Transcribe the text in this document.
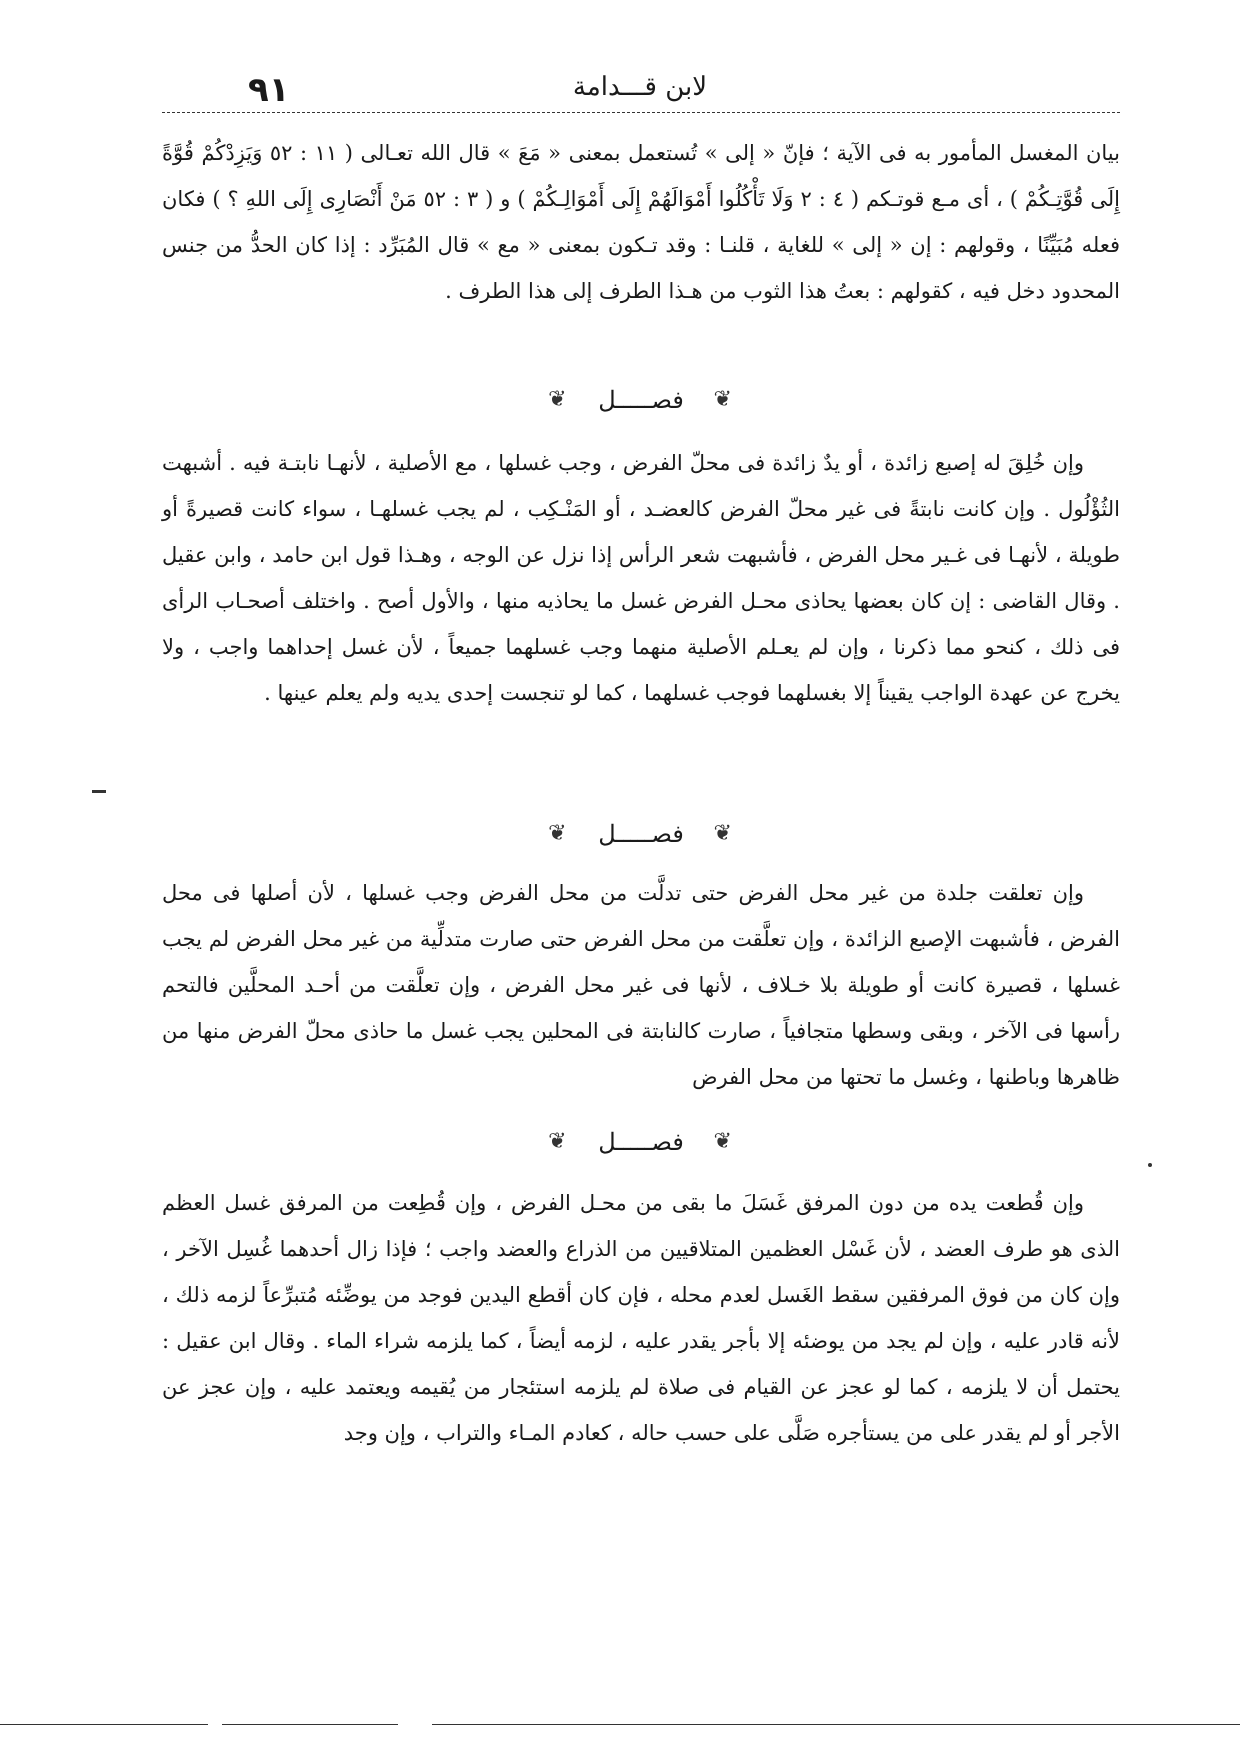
٩١	لابن قـــدامة

بيان المغسل المأمور به فى الآية ؛ فإنّ « إلى » تُستعمل بمعنى « مَعَ » قال الله تعـالى ( ١١ : ٥٢ وَيَزِدْكُمْ قُوَّةً إِلَى قُوَّتِـكُمْ ) ، أى مـع قوتـكم ( ٤ : ٢ وَلَا تَأْكُلُوا أَمْوَالَهُمْ إِلَى أَمْوَالِـكُمْ ) و ( ٣ : ٥٢ مَنْ أَنْصَارِى إِلَى اللهِ ؟ ) فكان فعله مُبَيِّنًا ، وقولهم : إن « إلى » للغاية ، قلنـا : وقد تـكون بمعنى « مع » قال المُبَرِّد : إذا كان الحدُّ من جنس المحدود دخل فيه ، كقولهم : بعتُ هذا الثوب من هـذا الطرف إلى هذا الطرف .

❦ فصـــــل ❦

وإن خُلِقَ له إصبع زائدة ، أو يدٌ زائدة فى محلّ الفرض ، وجب غسلها ، مع الأصلية ، لأنهـا نابتـة فيه . أشبهت الثُؤْلُول . وإن كانت نابتةً فى غير محلّ الفرض كالعضـد ، أو المَنْـكِب ، لم يجب غسلهـا ، سواء كانت قصيرةً أو طويلة ، لأنهـا فى غـير محل الفرض ، فأشبهت شعر الرأس إذا نزل عن الوجه ، وهـذا قول ابن حامد ، وابن عقيل . وقال القاضى : إن كان بعضها يحاذى محـل الفرض غسل ما يحاذيه منها ، والأول أصح . واختلف أصحـاب الرأى فى ذلك ، كنحو مما ذكرنا ، وإن لم يعـلم الأصلية منهما وجب غسلهما جميعاً ، لأن غسل إحداهما واجب ، ولا يخرج عن عهدة الواجب يقيناً إلا بغسلهما فوجب غسلهما ، كما لو تنجست إحدى يديه ولم يعلم عينها .

❦ فصـــــل ❦

وإن تعلقت جلدة من غير محل الفرض حتى تدلَّت من محل الفرض وجب غسلها ، لأن أصلها فى محل الفرض ، فأشبهت الإصبع الزائدة ، وإن تعلَّقت من محل الفرض حتى صارت متدلِّية من غير محل الفرض لم يجب غسلها ، قصيرة كانت أو طويلة بلا خـلاف ، لأنها فى غير محل الفرض ، وإن تعلَّقت من أحـد المحلَّين فالتحم رأسها فى الآخر ، وبقى وسطها متجافياً ، صارت كالنابتة فى المحلين يجب غسل ما حاذى محلّ الفرض منها من ظاهرها وباطنها ، وغسل ما تحتها من محل الفرض

❦ فصـــــل ❦

وإن قُطعت يده من دون المرفق غَسَلَ ما بقى من محـل الفرض ، وإن قُطِعت من المرفق غسل العظم الذى هو طرف العضد ، لأن غَسْل العظمين المتلاقيين من الذراع والعضد واجب ؛ فإذا زال أحدهما غُسِل الآخر ، وإن كان من فوق المرفقين سقط الغَسل لعدم محله ، فإن كان أقطع اليدين فوجد من يوضِّئه مُتبرِّعاً لزمه ذلك ، لأنه قادر عليه ، وإن لم يجد من يوضئه إلا بأجر يقدر عليه ، لزمه أيضاً ، كما يلزمه شراء الماء . وقال ابن عقيل : يحتمل أن لا يلزمه ، كما لو عجز عن القيام فى صلاة لم يلزمه استئجار من يُقيمه ويعتمد عليه ، وإن عجز عن الأجر أو لم يقدر على من يستأجره صَلَّى على حسب حاله ، كعادم المـاء والتراب ، وإن وجد
